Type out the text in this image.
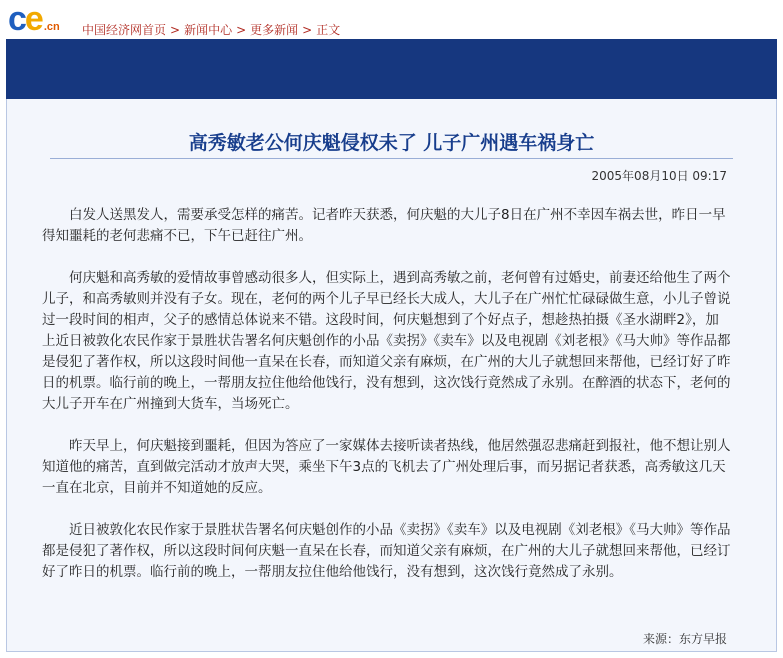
ce .cn 中国经济网首页 > 新闻中心 > 更多新闻 > 正文
高秀敏老公何庆魁侵权未了 儿子广州遇车祸身亡
2005年08月10日 09:17

白发人送黑发人，需要承受怎样的痛苦。记者昨天获悉，何庆魁的大儿子8日在广州不幸因车祸去世，昨日一早得知噩耗的老何悲痛不已，下午已赶往广州。

何庆魁和高秀敏的爱情故事曾感动很多人，但实际上，遇到高秀敏之前，老何曾有过婚史，前妻还给他生了两个儿子，和高秀敏则并没有子女。现在，老何的两个儿子早已经长大成人，大儿子在广州忙忙碌碌做生意，小儿子曾说过一段时间的相声，父子的感情总体说来不错。这段时间，何庆魁想到了个好点子，想趁热拍摄《圣水湖畔2》，加上近日被敦化农民作家于景胜状告署名何庆魁创作的小品《卖拐》《卖车》以及电视剧《刘老根》《马大帅》等作品都是侵犯了著作权，所以这段时间他一直呆在长春，而知道父亲有麻烦，在广州的大儿子就想回来帮他，已经订好了昨日的机票。临行前的晚上，一帮朋友拉住他给他饯行，没有想到，这次饯行竟然成了永别。在醉酒的状态下，老何的大儿子开车在广州撞到大货车，当场死亡。

昨天早上，何庆魁接到噩耗，但因为答应了一家媒体去接听读者热线，他居然强忍悲痛赶到报社，他不想让别人知道他的痛苦，直到做完活动才放声大哭，乘坐下午3点的飞机去了广州处理后事，而另据记者获悉，高秀敏这几天一直在北京，目前并不知道她的反应。

近日被敦化农民作家于景胜状告署名何庆魁创作的小品《卖拐》《卖车》以及电视剧《刘老根》《马大帅》等作品都是侵犯了著作权，所以这段时间何庆魁一直呆在长春，而知道父亲有麻烦，在广州的大儿子就想回来帮他，已经订好了昨日的机票。临行前的晚上，一帮朋友拉住他给他饯行，没有想到，这次饯行竟然成了永别。

来源：东方早报
